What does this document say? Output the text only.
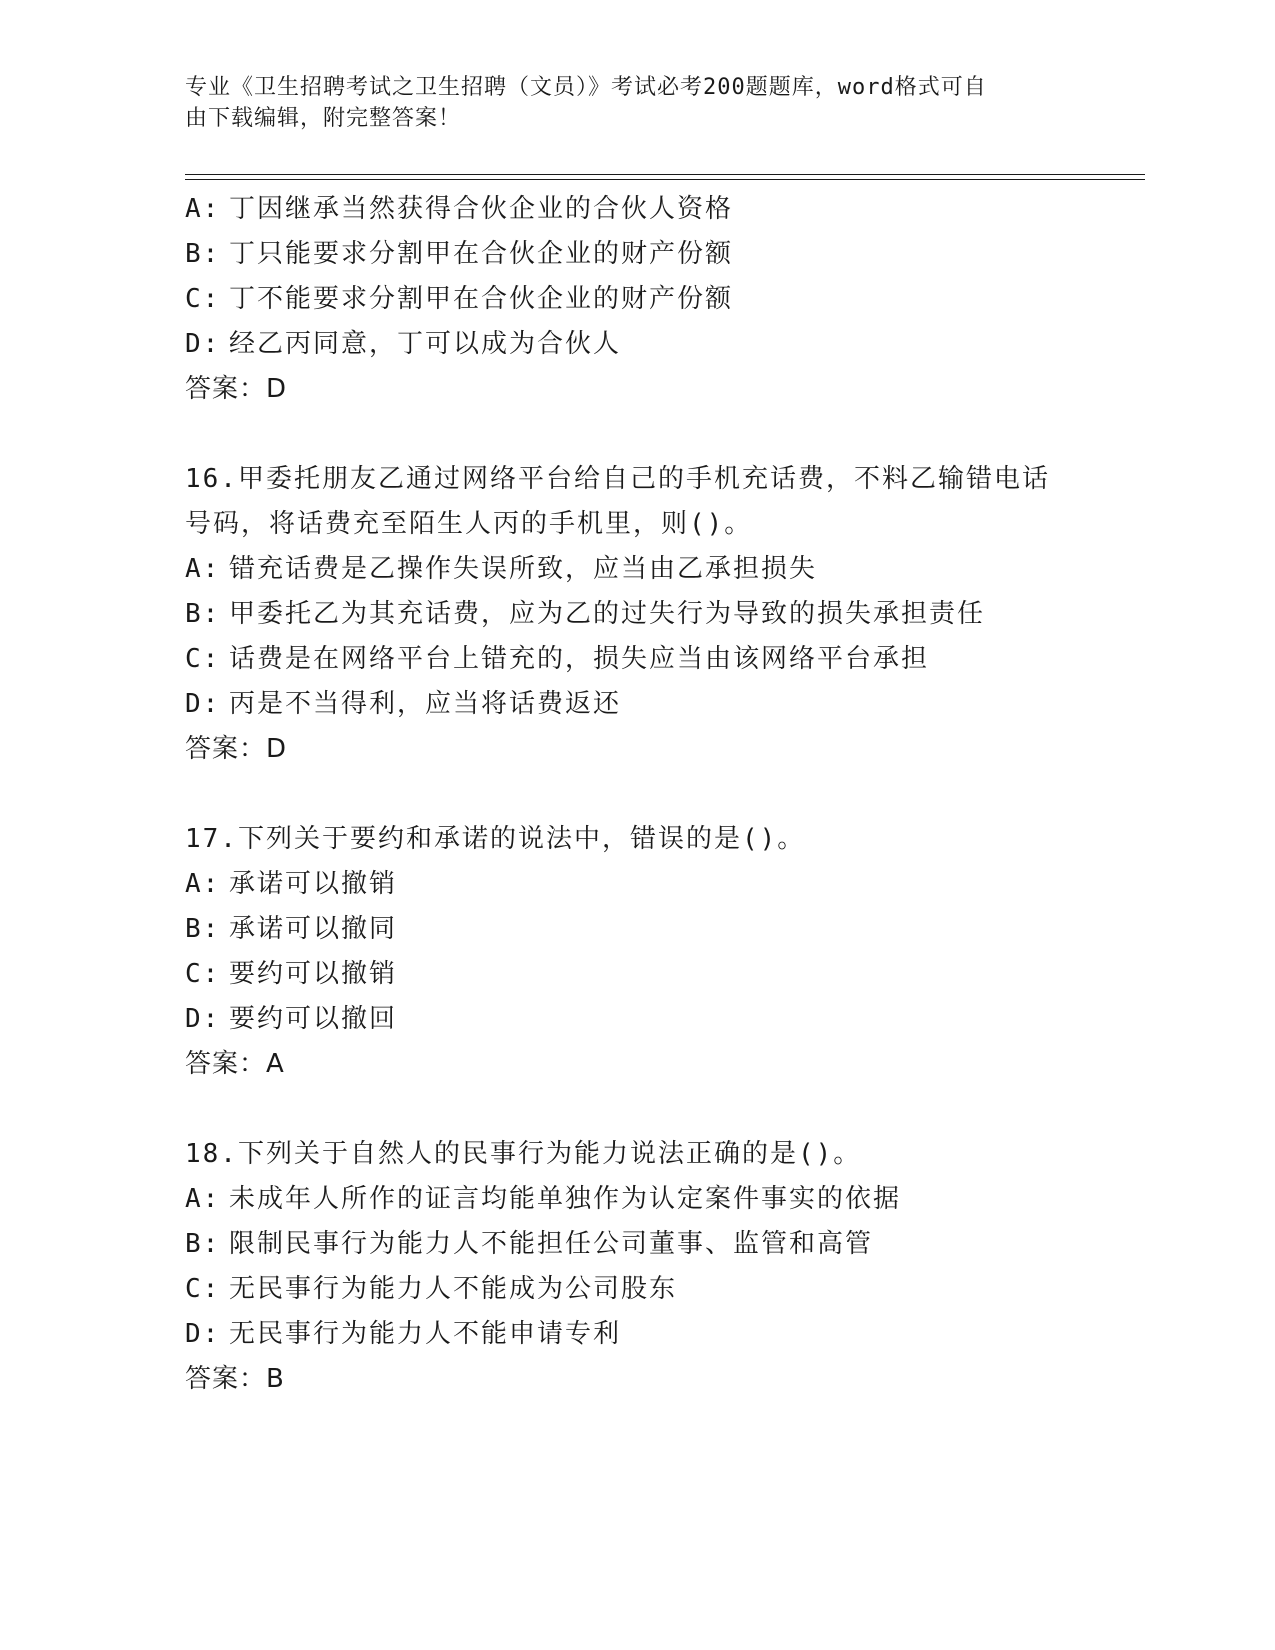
专业《卫生招聘考试之卫生招聘（文员）》考试必考200题题库，word格式可自
由下载编辑，附完整答案！
A: 丁因继承当然获得合伙企业的合伙人资格
B: 丁只能要求分割甲在合伙企业的财产份额
C: 丁不能要求分割甲在合伙企业的财产份额
D: 经乙丙同意，丁可以成为合伙人
答案：D
16.甲委托朋友乙通过网络平台给自己的手机充话费，不料乙输错电话
号码，将话费充至陌生人丙的手机里，则()。
A: 错充话费是乙操作失误所致，应当由乙承担损失
B: 甲委托乙为其充话费，应为乙的过失行为导致的损失承担责任
C: 话费是在网络平台上错充的，损失应当由该网络平台承担
D: 丙是不当得利，应当将话费返还
答案：D
17.下列关于要约和承诺的说法中，错误的是()。
A: 承诺可以撤销
B: 承诺可以撤同
C: 要约可以撤销
D: 要约可以撤回
答案：A
18.下列关于自然人的民事行为能力说法正确的是()。
A: 未成年人所作的证言均能单独作为认定案件事实的依据
B: 限制民事行为能力人不能担任公司董事、监管和高管
C: 无民事行为能力人不能成为公司股东
D: 无民事行为能力人不能申请专利
答案：B
